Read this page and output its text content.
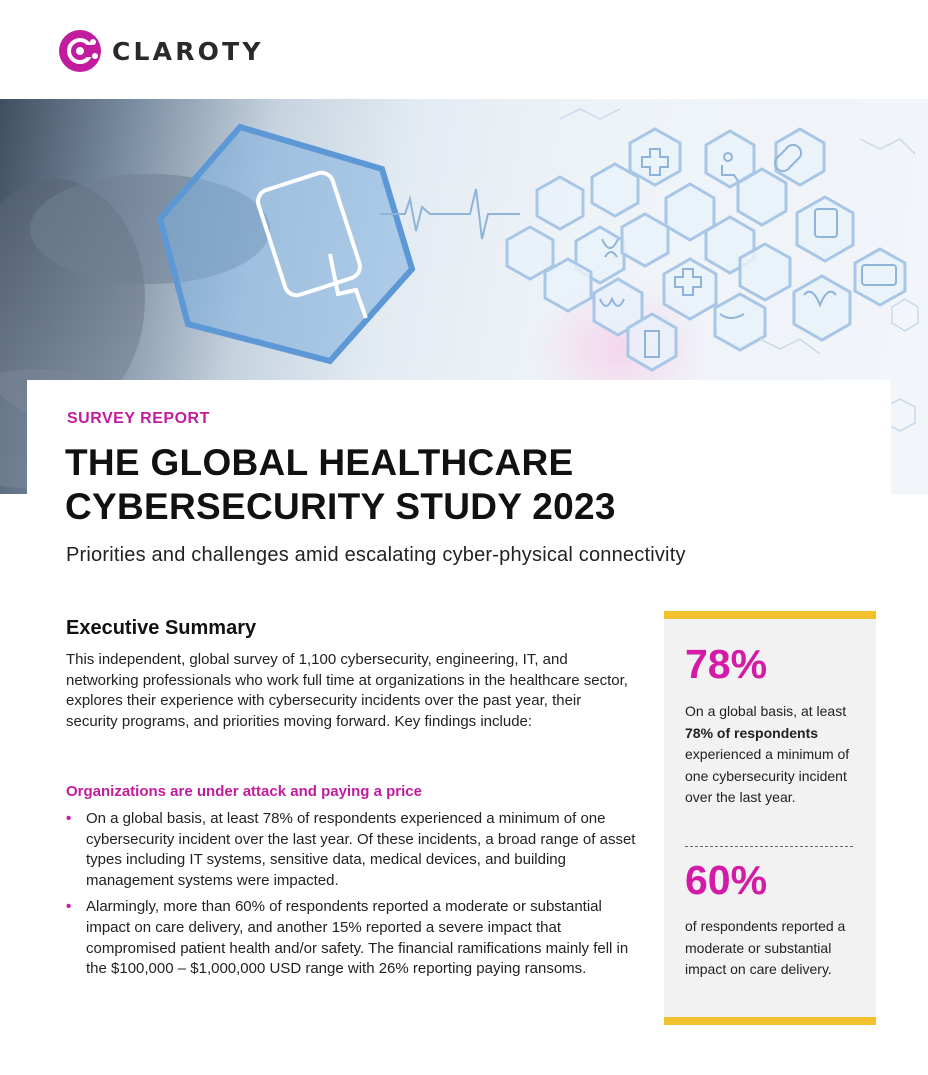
CLAROTY
SURVEY REPORT
THE GLOBAL HEALTHCARE
CYBERSECURITY STUDY 2023
Priorities and challenges amid escalating cyber-physical connectivity
Executive Summary

This independent, global survey of 1,100 cybersecurity, engineering, IT, and networking professionals who work full time at organizations in the healthcare sector, explores their experience with cybersecurity incidents over the past year, their security programs, and priorities moving forward. Key findings include:

Organizations are under attack and paying a price
• On a global basis, at least 78% of respondents experienced a minimum of one cybersecurity incident over the last year. Of these incidents, a broad range of asset types including IT systems, sensitive data, medical devices, and building management systems were impacted.
• Alarmingly, more than 60% of respondents reported a moderate or substantial impact on care delivery, and another 15% reported a severe impact that compromised patient health and/or safety. The financial ramifications mainly fell in the $100,000 – $1,000,000 USD range with 26% reporting paying ransoms.
78%
On a global basis, at least 78% of respondents experienced a minimum of one cybersecurity incident over the last year.
60%
of respondents reported a moderate or substantial impact on care delivery.
